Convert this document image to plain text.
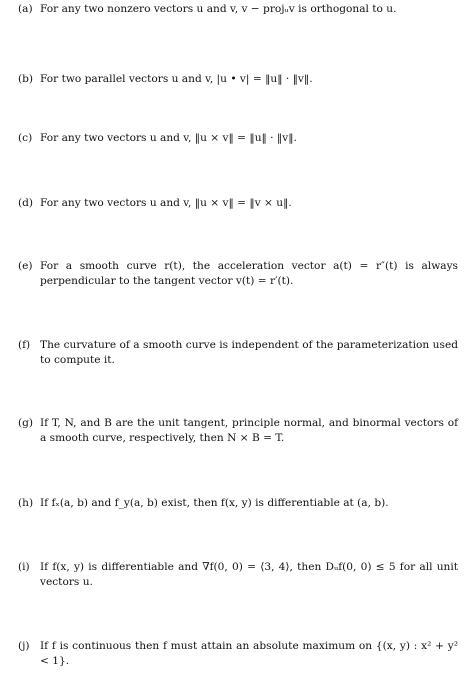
(a) For any two nonzero vectors u and v, v − projᵤv is orthogonal to u.
(b) For two parallel vectors u and v, |u • v| = ‖u‖ · ‖v‖.
(c) For any two vectors u and v, ‖u × v‖ = ‖u‖ · ‖v‖.
(d) For any two vectors u and v, ‖u × v‖ = ‖v × u‖.
(e) For a smooth curve r(t), the acceleration vector a(t) = r″(t) is always perpendicular to the tangent vector v(t) = r′(t).
(f) The curvature of a smooth curve is independent of the parameterization used to compute it.
(g) If T, N, and B are the unit tangent, principle normal, and binormal vectors of a smooth curve, respectively, then N × B = T.
(h) If fₓ(a, b) and f_y(a, b) exist, then f(x, y) is differentiable at (a, b).
(i) If f(x, y) is differentiable and ∇f(0, 0) = ⟨3, 4⟩, then Dᵤf(0, 0) ≤ 5 for all unit vectors u.
(j) If f is continuous then f must attain an absolute maximum on {(x, y) : x² + y² < 1}.
